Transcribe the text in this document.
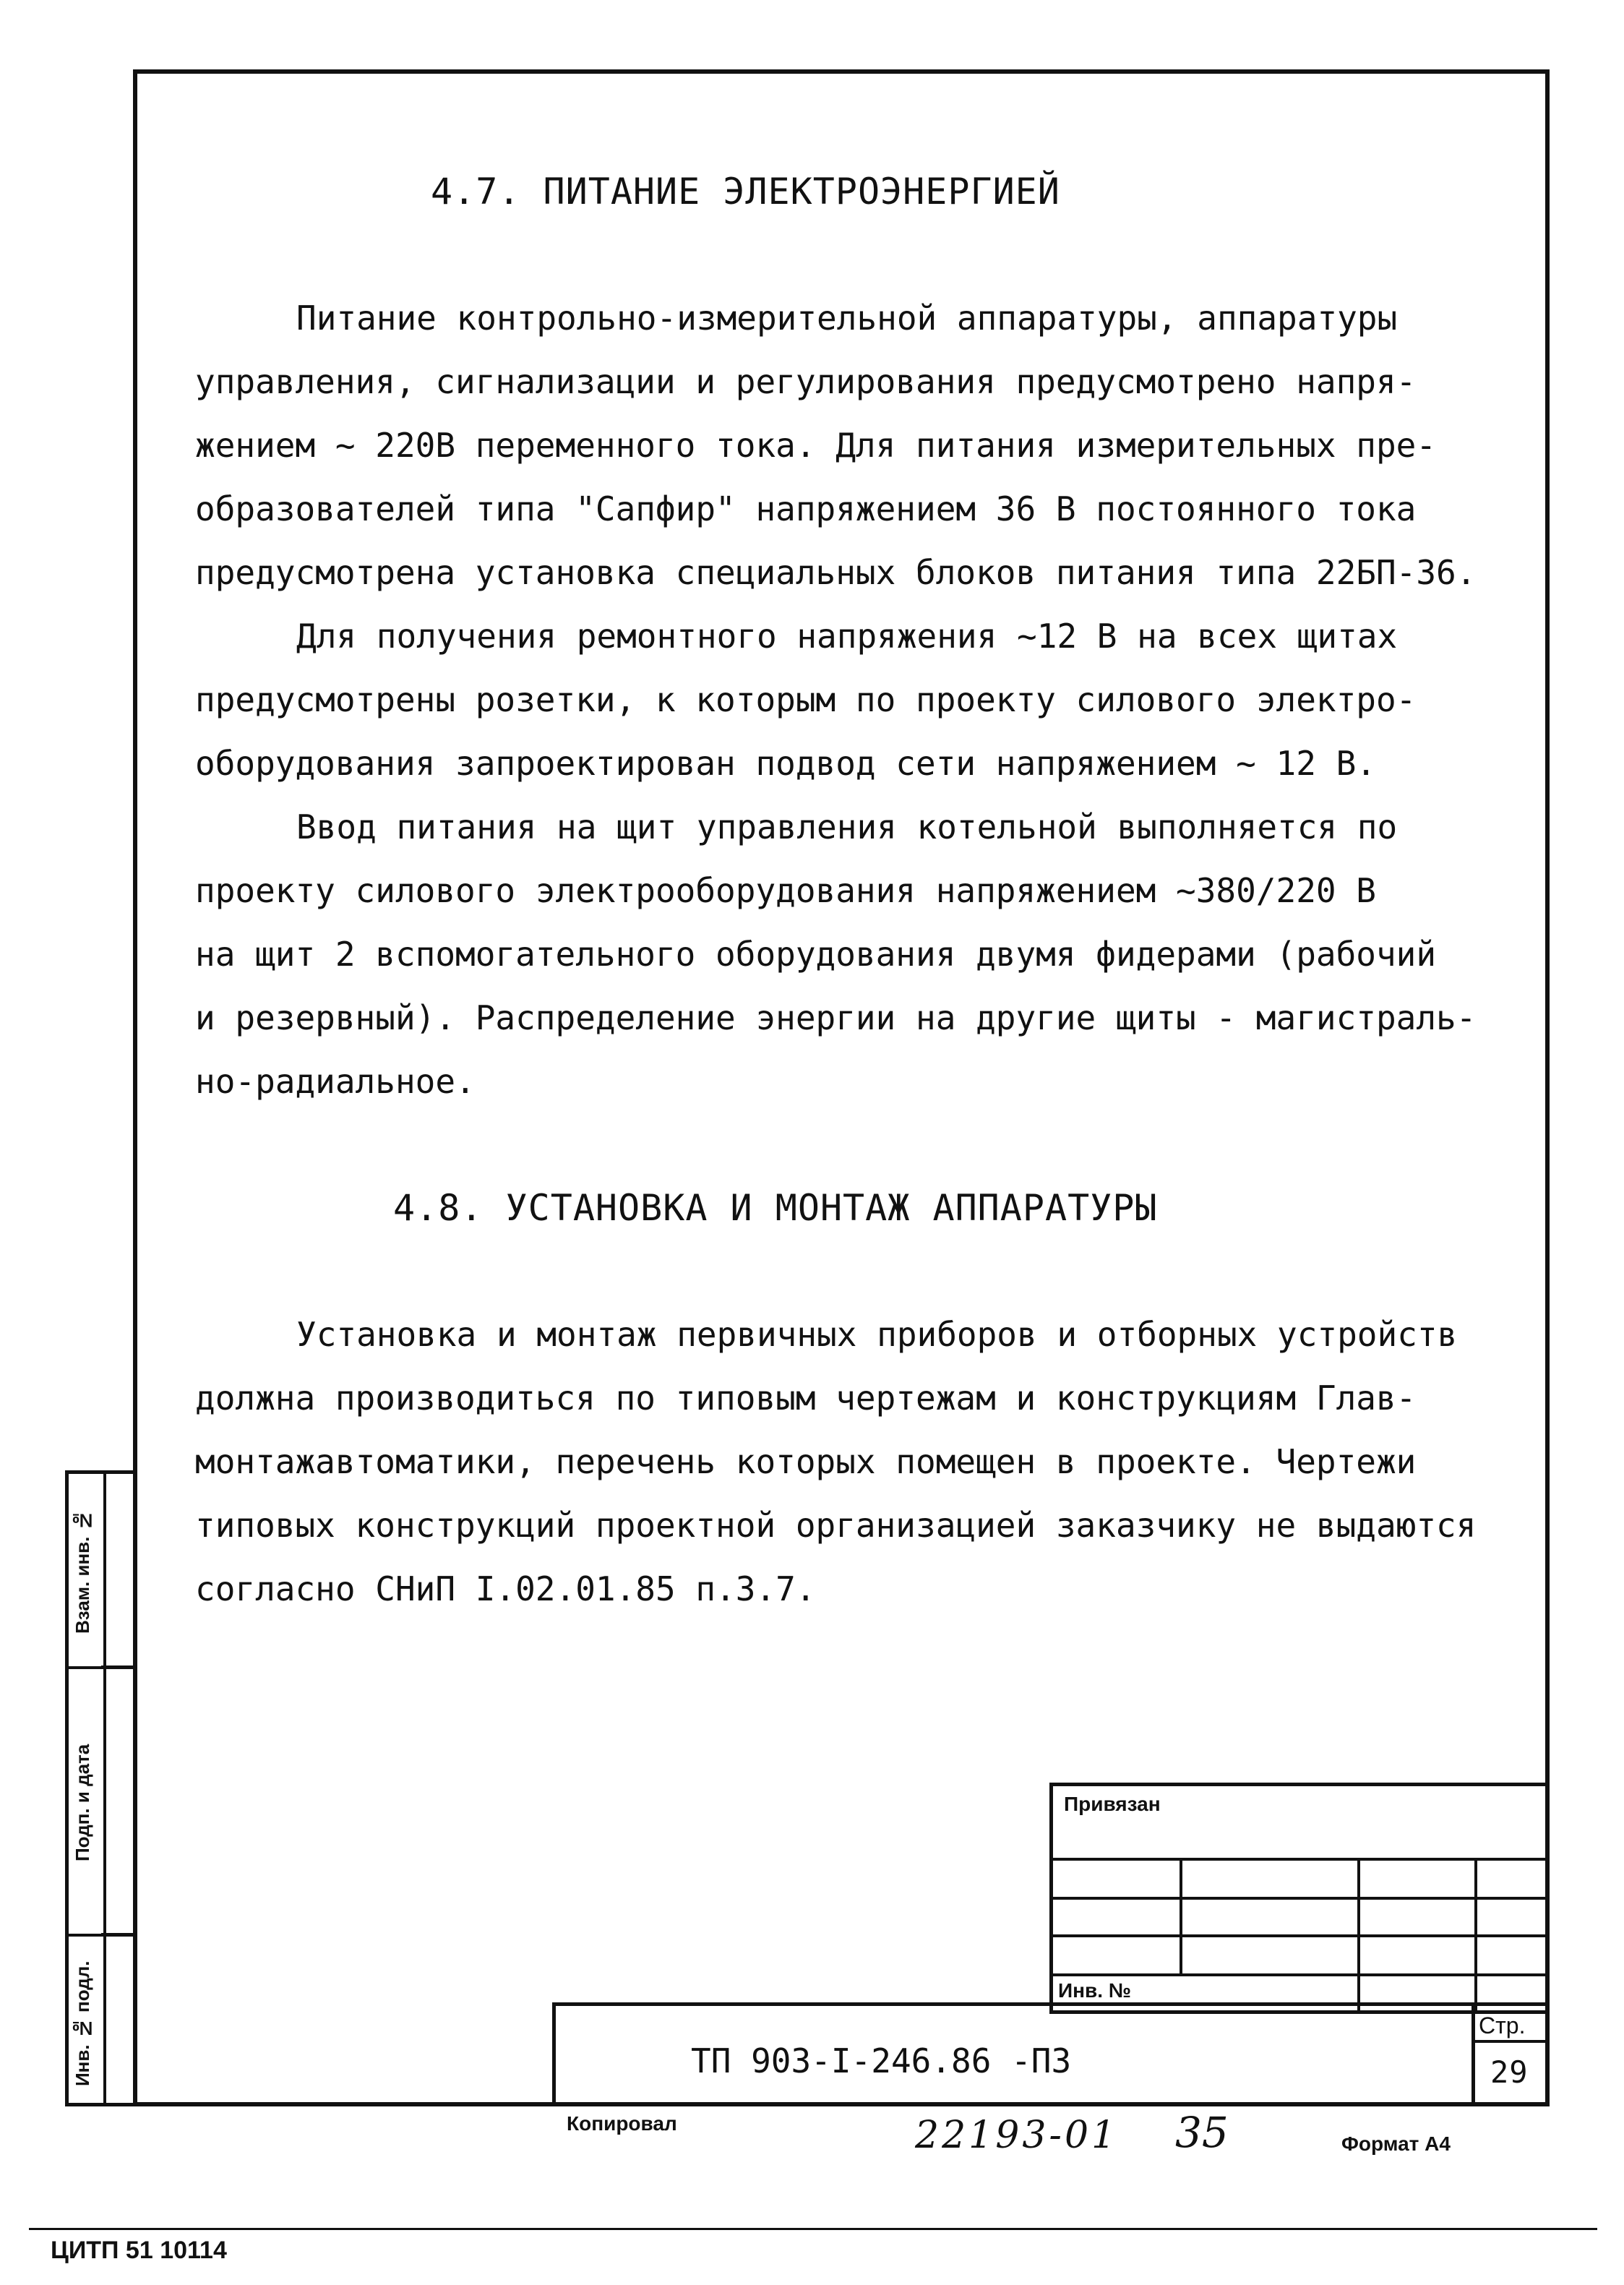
4.7. ПИТАНИЕ ЭЛЕКТРОЭНЕРГИЕЙ
Питание контрольно-измерительной аппаратуры, аппаратуры
управления, сигнализации и регулирования предусмотрено напря-
жением ~ 220В переменного тока. Для питания измерительных пре-
образователей типа "Сапфир" напряжением 36 В постоянного тока
предусмотрена установка специальных блоков питания типа 22БП-36.
Для получения ремонтного напряжения ~12 В на всех щитах
предусмотрены розетки, к которым по проекту силового электро-
оборудования запроектирован подвод сети напряжением ~ 12 В.
Ввод питания на щит управления котельной выполняется по
проекту силового электрооборудования напряжением ~380/220 В
на щит 2 вспомогательного оборудования двумя фидерами (рабочий
и резервный). Распределение энергии на другие щиты - магистраль-
но-радиальное.
4.8. УСТАНОВКА И МОНТАЖ АППАРАТУРЫ
Установка и монтаж первичных приборов и отборных устройств
должна производиться по типовым чертежам и конструкциям Глав-
монтажавтоматики, перечень которых помещен в проекте. Чертежи
типовых конструкций проектной организацией заказчику не выдаются
согласно СНиП I.02.01.85 п.3.7.
Взам. инв. №
Подп. и дата
Инв. № подл.
Привязан
Инв. №
ТП 903-I-246.86 -ПЗ
Стр.
29
Копировал	22193-01 35	Формат А4
ЦИТП 51 10114
